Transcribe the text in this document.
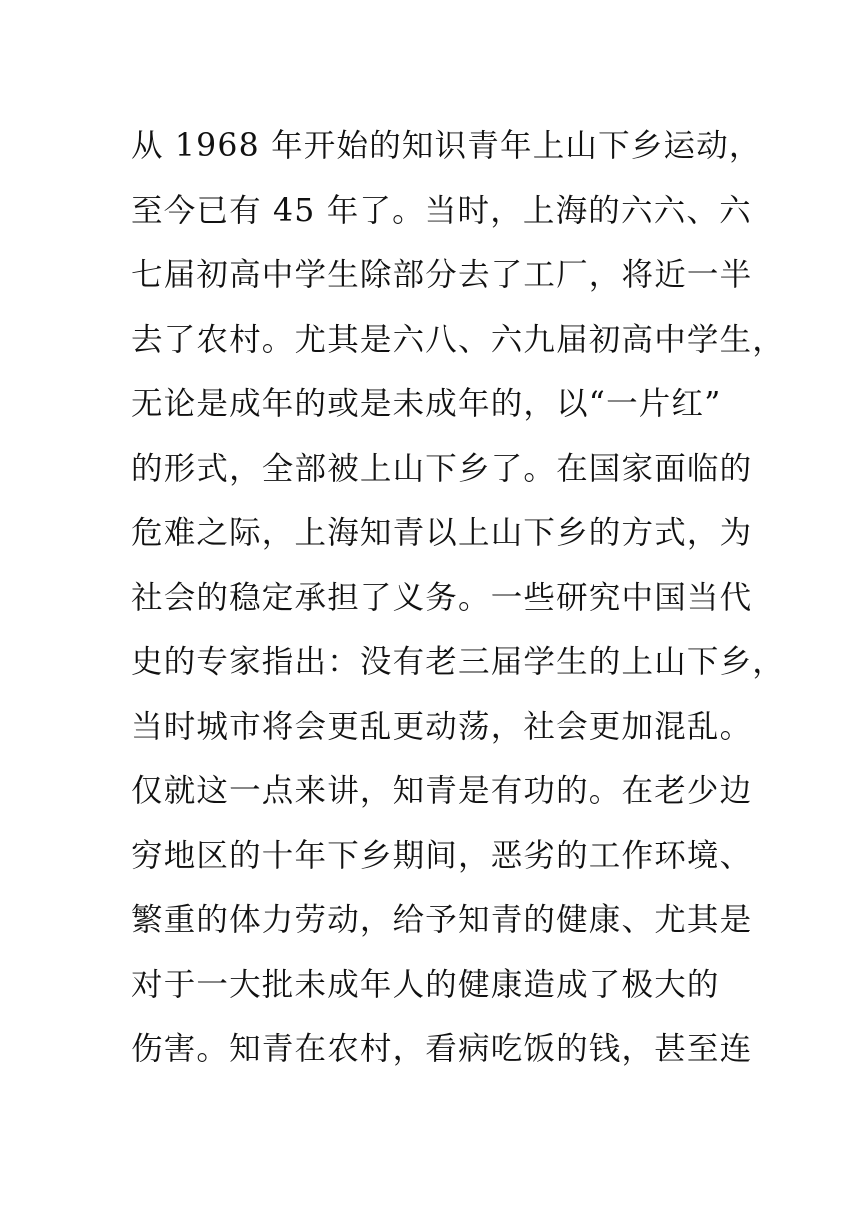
从 1968 年开始的知识青年上山下乡运动，
至今已有 45 年了。当时，上海的六六、六
七届初高中学生除部分去了工厂，将近一半
去了农村。尤其是六八、六九届初高中学生，
无论是成年的或是未成年的，以“一片红”
的形式，全部被上山下乡了。在国家面临的
危难之际，上海知青以上山下乡的方式，为
社会的稳定承担了义务。一些研究中国当代
史的专家指出：没有老三届学生的上山下乡，
当时城市将会更乱更动荡，社会更加混乱。
仅就这一点来讲，知青是有功的。在老少边
穷地区的十年下乡期间，恶劣的工作环境、
繁重的体力劳动，给予知青的健康、尤其是
对于一大批未成年人的健康造成了极大的
伤害。知青在农村，看病吃饭的钱，甚至连
